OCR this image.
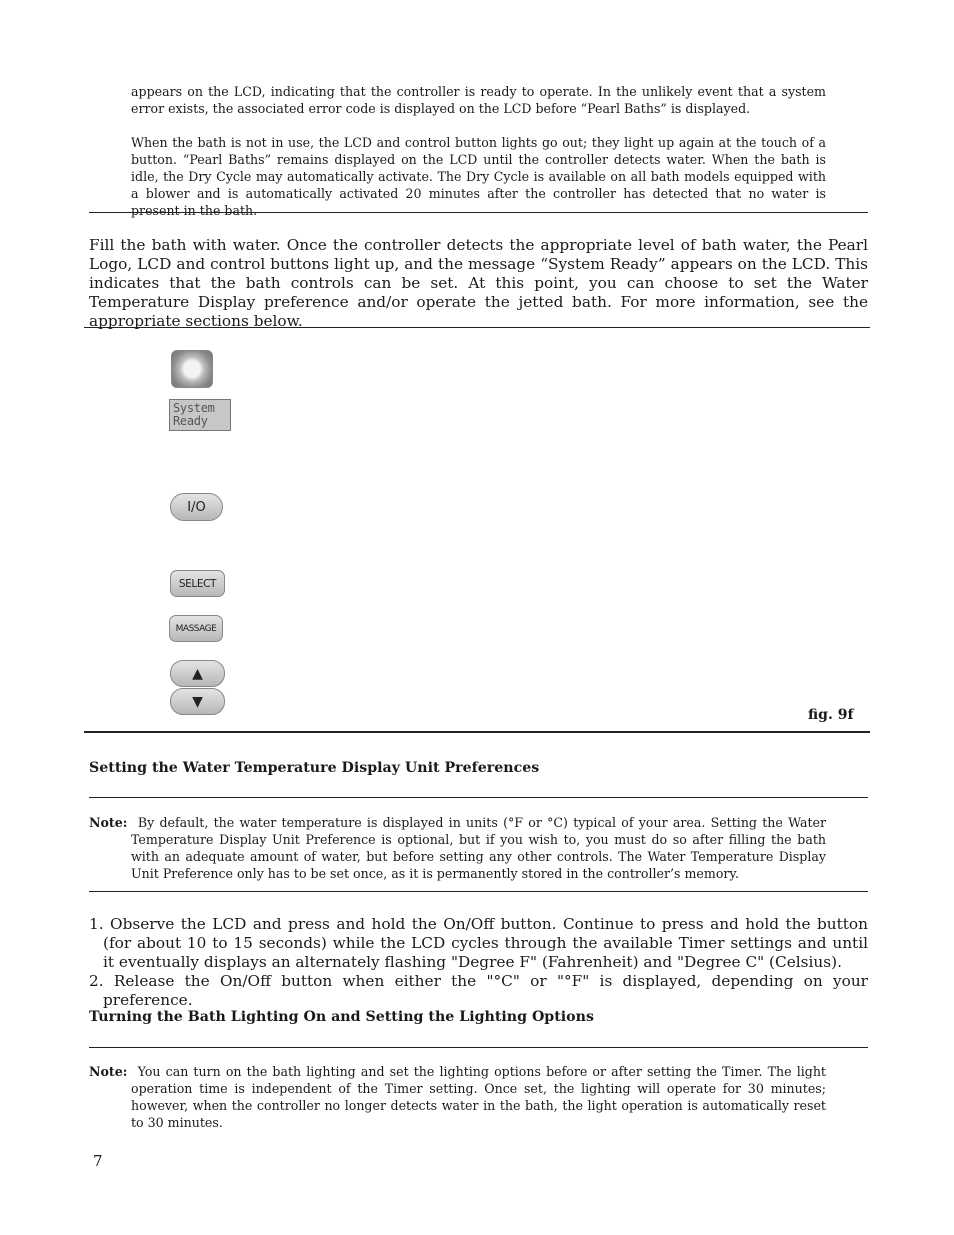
appears on the LCD, indicating that the controller is ready to operate. In the unlikely event that a system error exists, the associated error code is displayed on the LCD before “Pearl Baths” is displayed.
When the bath is not in use, the LCD and control button lights go out; they light up again at the touch of a button. “Pearl Baths” remains displayed on the LCD until the controller detects water. When the bath is idle, the Dry Cycle may automatically activate. The Dry Cycle is available on all bath models equipped with a blower and is automatically activated 20 minutes after the controller has detected that no water is present in the bath.
Fill the bath with water. Once the controller detects the appropriate level of bath water, the Pearl Logo, LCD and control buttons light up, and the message “System Ready” appears on the LCD. This indicates that the bath controls can be set. At this point, you can choose to set the Water Temperature Display preference and/or operate the jetted bath. For more information, see the appropriate sections below.
System
Ready
I/O
SELECT
MASSAGE
▲
▼
fig. 9f
Setting the Water Temperature Display Unit Preferences
Note: By default, the water temperature is displayed in units (°F or °C) typical of your area. Setting the Water Temperature Display Unit Preference is optional, but if you wish to, you must do so after filling the bath with an adequate amount of water, but before setting any other controls. The Water Temperature Display Unit Preference only has to be set once, as it is permanently stored in the controller’s memory.
1. Observe the LCD and press and hold the On/Off button. Continue to press and hold the button (for about 10 to 15 seconds) while the LCD cycles through the available Timer settings and until it eventually displays an alternately flashing "Degree F" (Fahrenheit) and "Degree C" (Celsius).
2. Release the On/Off button when either the "°C" or "°F" is displayed, depending on your preference.
Turning the Bath Lighting On and Setting the Lighting Options
Note: You can turn on the bath lighting and set the lighting options before or after setting the Timer. The light operation time is independent of the Timer setting. Once set, the lighting will operate for 30 minutes; however, when the controller no longer detects water in the bath, the light operation is automatically reset to 30 minutes.
7
